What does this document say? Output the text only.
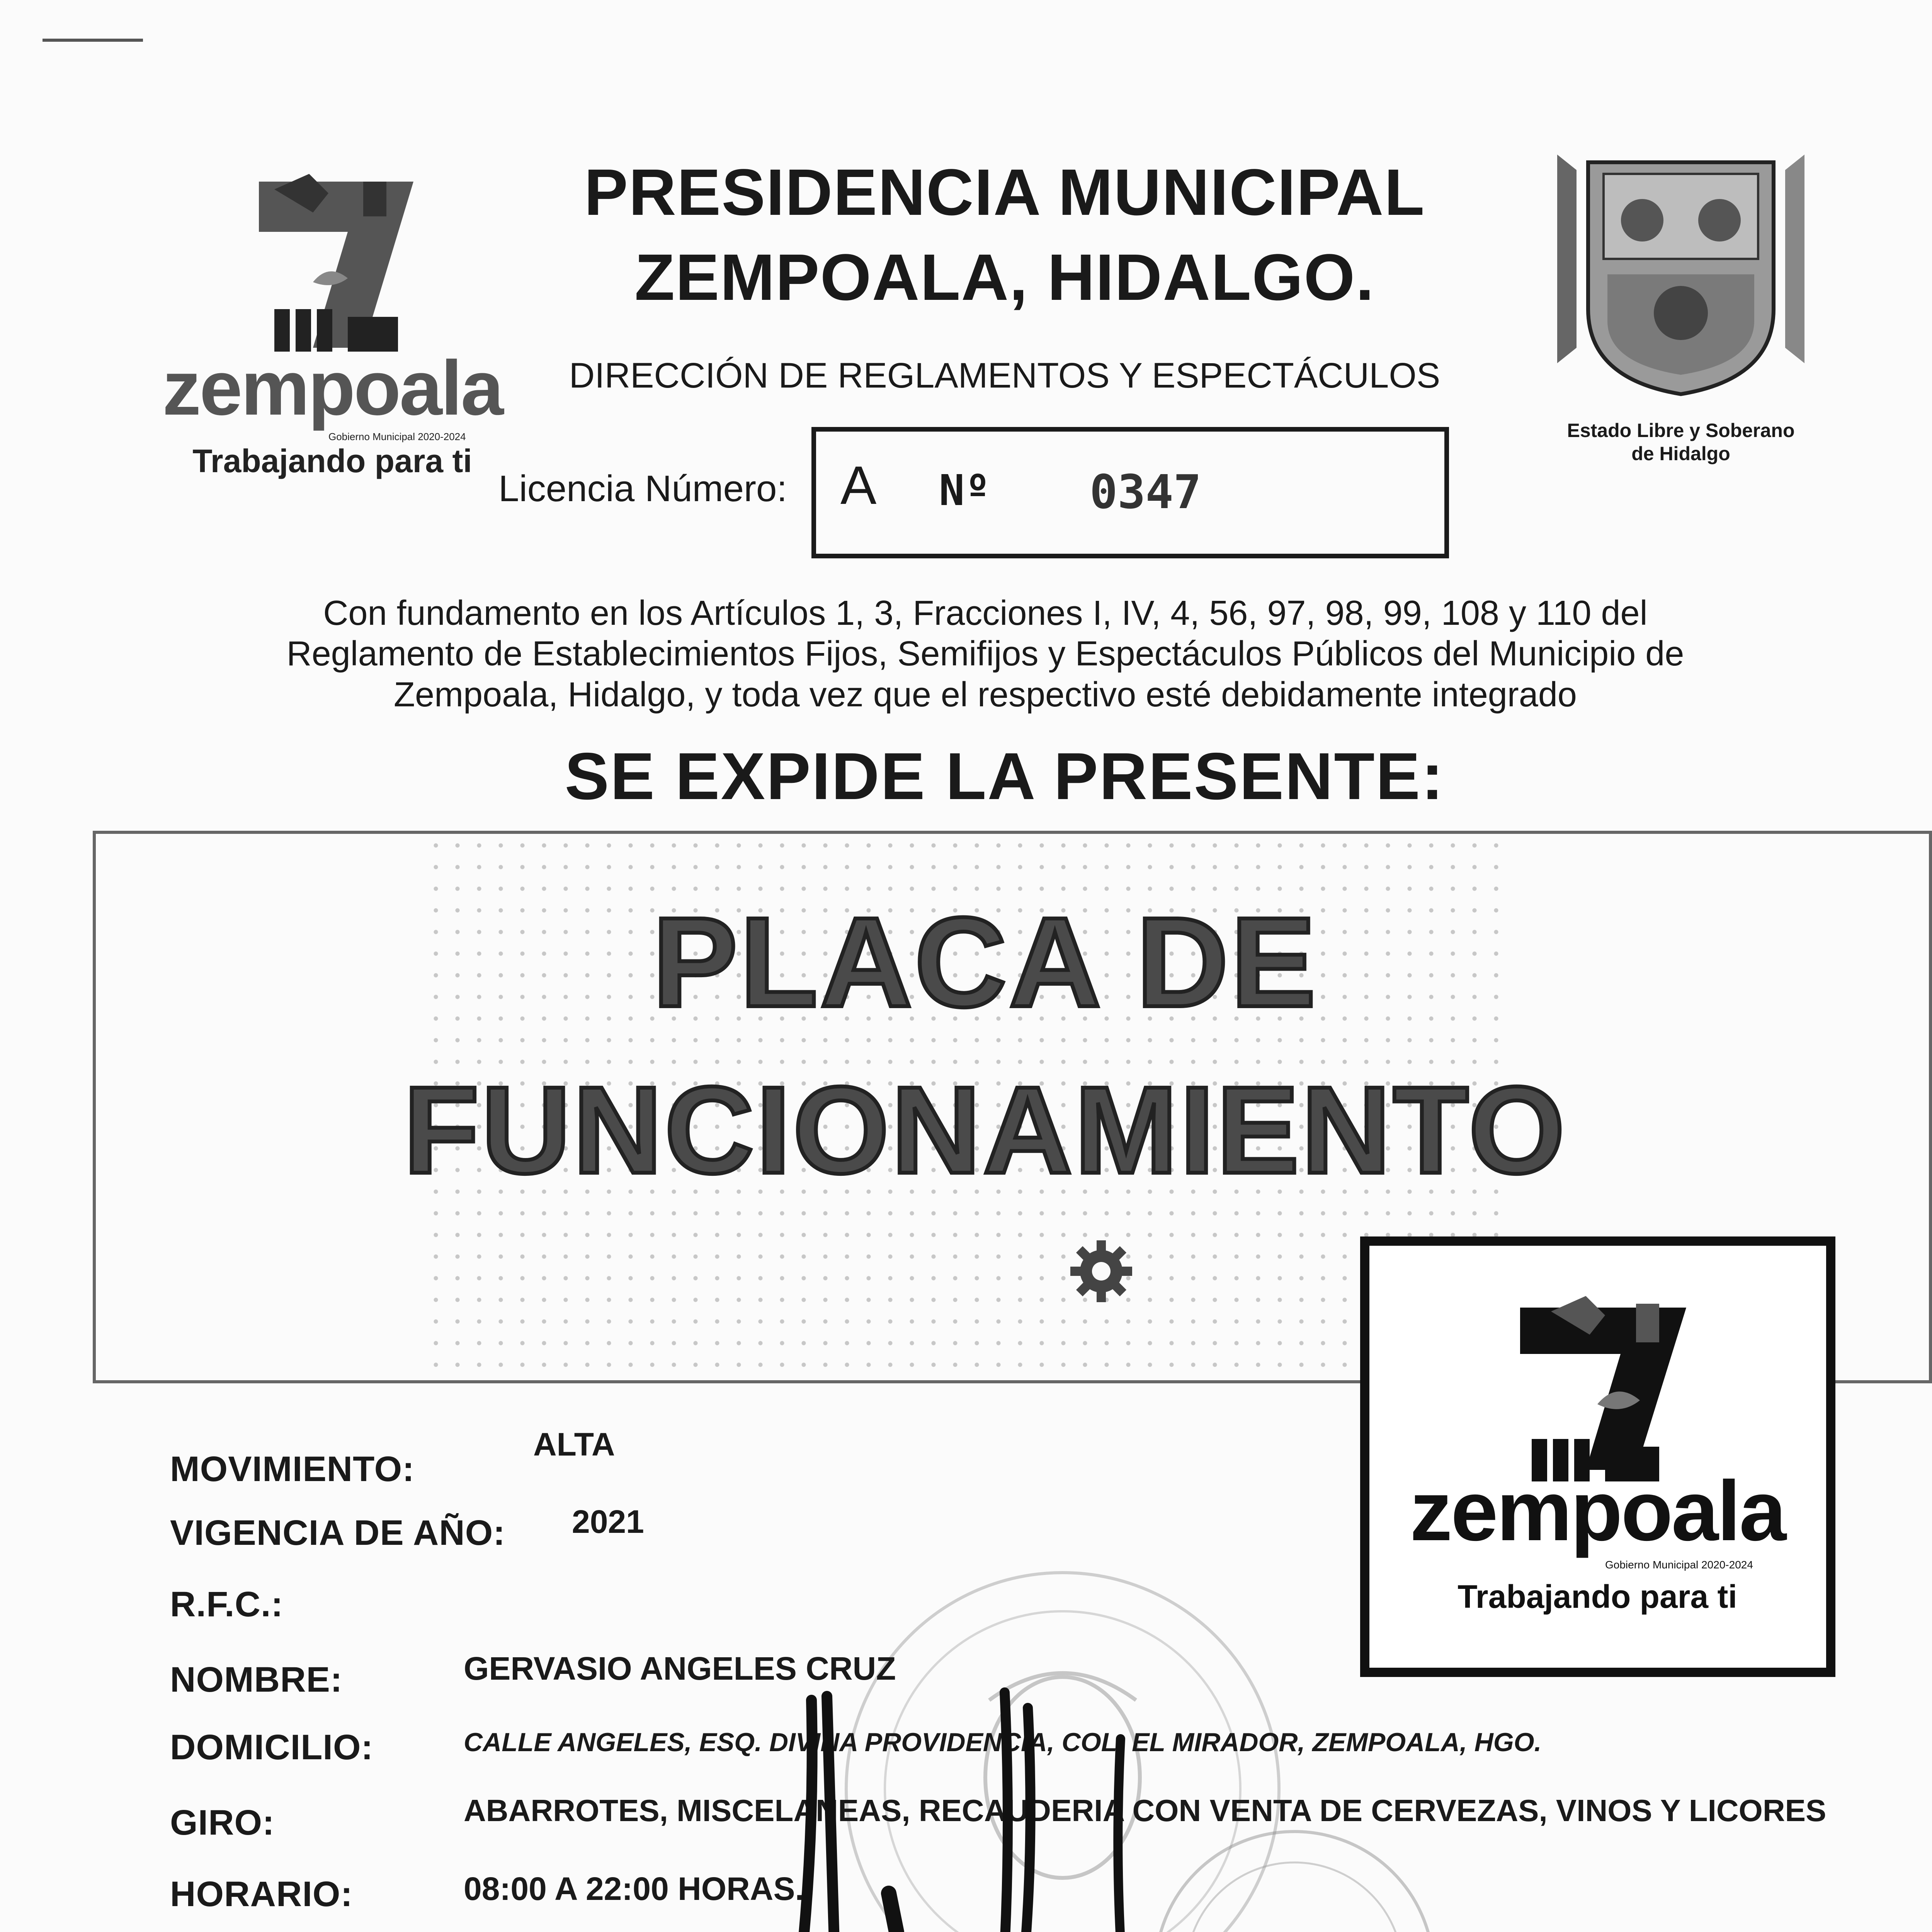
zempoala
Gobierno Municipal 2020-2024
Trabajando para ti
PRESIDENCIA MUNICIPAL
ZEMPOALA, HIDALGO.
DIRECCIÓN DE REGLAMENTOS Y ESPECTÁCULOS
Estado Libre y Soberano
de Hidalgo
Licencia Número: A Nº 0347
Con fundamento en los Artículos 1, 3, Fracciones I, IV, 4, 56, 97, 98, 99, 108 y 110 del
Reglamento de Establecimientos Fijos, Semifijos y Espectáculos Públicos del Municipio de
Zempoala, Hidalgo, y toda vez que el respectivo esté debidamente integrado
SE EXPIDE LA PRESENTE:
PLACA DE
FUNCIONAMIENTO
zempoala
Gobierno Municipal 2020-2024
Trabajando para ti
MOVIMIENTO:
ALTA
VIGENCIA DE AÑO: 2021
R.F.C.:
NOMBRE:	GERVASIO ANGELES CRUZ
DOMICILIO:	CALLE ANGELES, ESQ. DIVINA PROVIDENCIA, COL. EL MIRADOR, ZEMPOALA, HGO.
GIRO:	ABARROTES, MISCELANEAS, RECAUDERIA CON VENTA DE CERVEZAS, VINOS Y LICORES
HORARIO:	08:00 A 22:00 HORAS.
